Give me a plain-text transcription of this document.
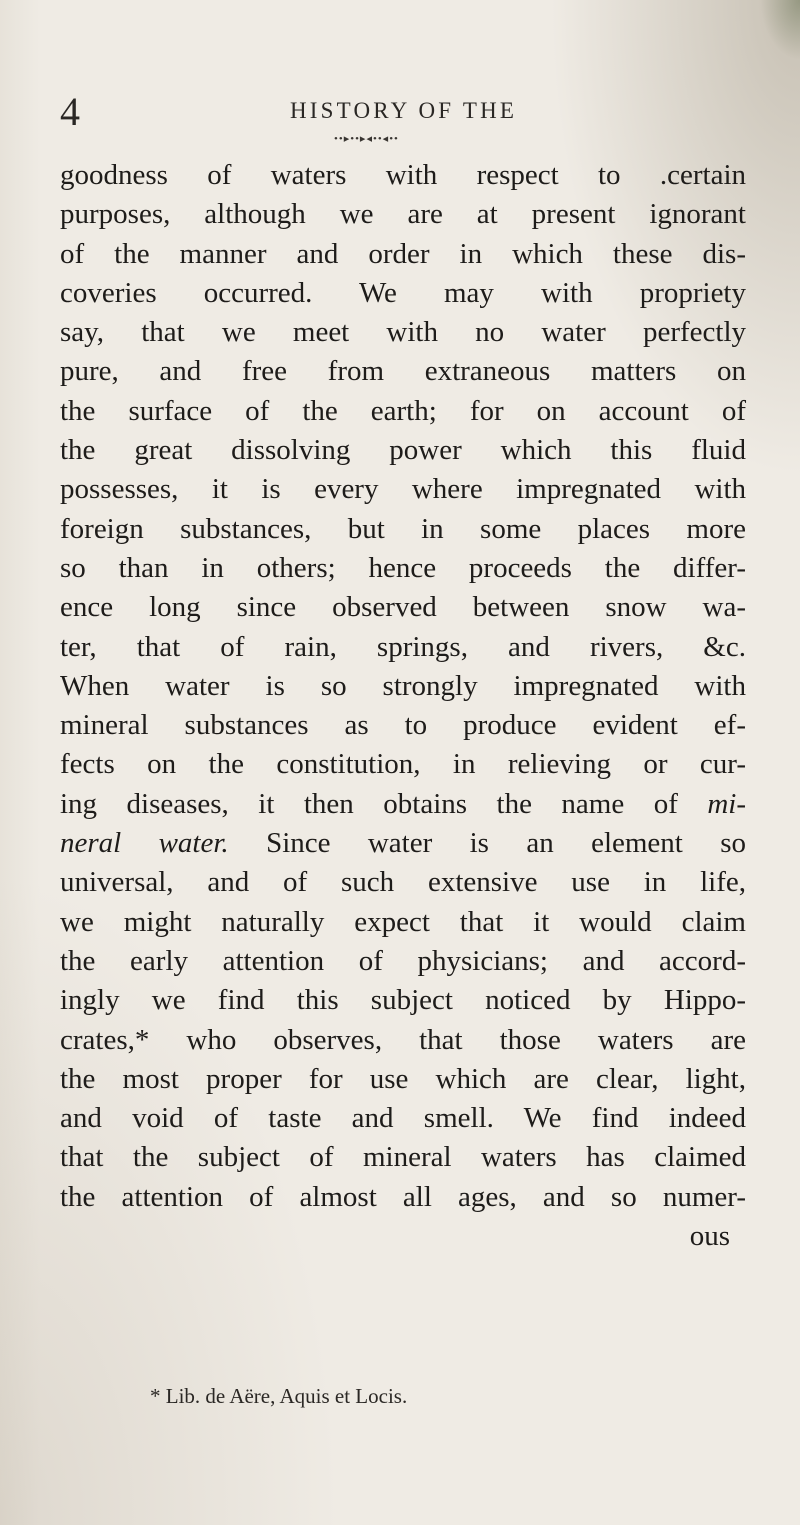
4	HISTORY OF THE
••▸••▸◂••◂••
goodness of waters with respect to .certain
purposes, although we are at present ignorant
of the manner and order in which these dis-
coveries occurred. We may with propriety
say, that we meet with no water perfectly
pure, and free from extraneous matters on
the surface of the earth; for on account of
the great dissolving power which this fluid
possesses, it is every where impregnated with
foreign substances, but in some places more
so than in others; hence proceeds the differ-
ence long since observed between snow wa-
ter, that of rain, springs, and rivers, &c.
When water is so strongly impregnated with
mineral substances as to produce evident ef-
fects on the constitution, in relieving or cur-
ing diseases, it then obtains the name of mi-
neral water. Since water is an element so
universal, and of such extensive use in life,
we might naturally expect that it would claim
the early attention of physicians; and accord-
ingly we find this subject noticed by Hippo-
crates,* who observes, that those waters are
the most proper for use which are clear, light,
and void of taste and smell. We find indeed
that the subject of mineral waters has claimed
the attention of almost all ages, and so numer-
ous
* Lib. de Aëre, Aquis et Locis.
